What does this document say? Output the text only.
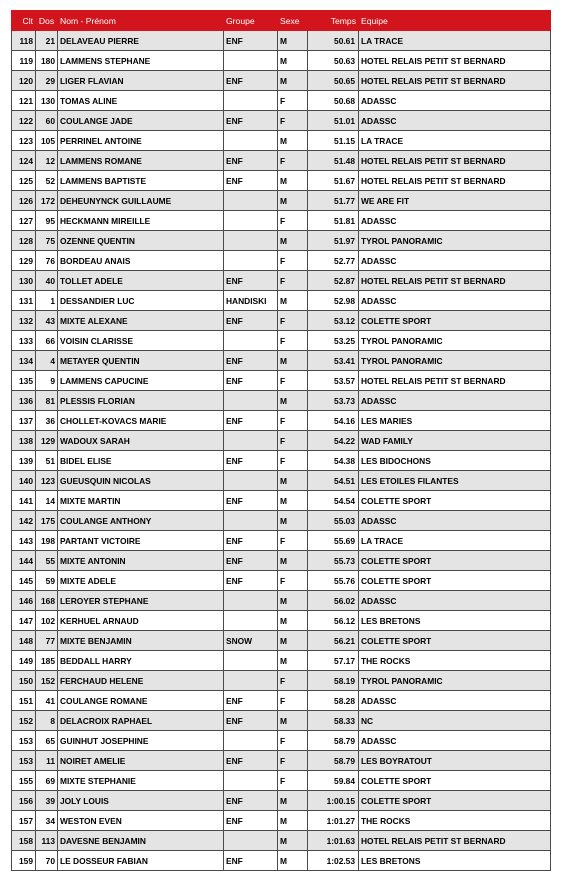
Clt	Dos	Nom - Prénom	Groupe	Sexe	Temps	Equipe
118	21	DELAVEAU PIERRE	ENF	M	50.61	LA TRACE
119	180	LAMMENS STEPHANE		M	50.63	HOTEL RELAIS PETIT ST BERNARD
120	29	LIGER FLAVIAN	ENF	M	50.65	HOTEL RELAIS PETIT ST BERNARD
121	130	TOMAS ALINE		F	50.68	ADASSC
122	60	COULANGE JADE	ENF	F	51.01	ADASSC
123	105	PERRINEL ANTOINE		M	51.15	LA TRACE
124	12	LAMMENS ROMANE	ENF	F	51.48	HOTEL RELAIS PETIT ST BERNARD
125	52	LAMMENS BAPTISTE	ENF	M	51.67	HOTEL RELAIS PETIT ST BERNARD
126	172	DEHEUNYNCK GUILLAUME		M	51.77	WE ARE FIT
127	95	HECKMANN MIREILLE		F	51.81	ADASSC
128	75	OZENNE QUENTIN		M	51.97	TYROL PANORAMIC
129	76	BORDEAU ANAIS		F	52.77	ADASSC
130	40	TOLLET ADELE	ENF	F	52.87	HOTEL RELAIS PETIT ST BERNARD
131	1	DESSANDIER LUC	HANDISKI	M	52.98	ADASSC
132	43	MIXTE ALEXANE	ENF	F	53.12	COLETTE SPORT
133	66	VOISIN CLARISSE		F	53.25	TYROL PANORAMIC
134	4	METAYER QUENTIN	ENF	M	53.41	TYROL PANORAMIC
135	9	LAMMENS CAPUCINE	ENF	F	53.57	HOTEL RELAIS PETIT ST BERNARD
136	81	PLESSIS FLORIAN		M	53.73	ADASSC
137	36	CHOLLET-KOVACS MARIE	ENF	F	54.16	LES MARIES
138	129	WADOUX SARAH		F	54.22	WAD FAMILY
139	51	BIDEL ELISE	ENF	F	54.38	LES BIDOCHONS
140	123	GUEUSQUIN NICOLAS		M	54.51	LES ETOILES FILANTES
141	14	MIXTE MARTIN	ENF	M	54.54	COLETTE SPORT
142	175	COULANGE ANTHONY		M	55.03	ADASSC
143	198	PARTANT VICTOIRE	ENF	F	55.69	LA TRACE
144	55	MIXTE ANTONIN	ENF	M	55.73	COLETTE SPORT
145	59	MIXTE ADELE	ENF	F	55.76	COLETTE SPORT
146	168	LEROYER STEPHANE		M	56.02	ADASSC
147	102	KERHUEL ARNAUD		M	56.12	LES BRETONS
148	77	MIXTE BENJAMIN	SNOW	M	56.21	COLETTE SPORT
149	185	BEDDALL HARRY		M	57.17	THE ROCKS
150	152	FERCHAUD HELENE		F	58.19	TYROL PANORAMIC
151	41	COULANGE ROMANE	ENF	F	58.28	ADASSC
152	8	DELACROIX RAPHAEL	ENF	M	58.33	NC
153	65	GUINHUT JOSEPHINE		F	58.79	ADASSC
153	11	NOIRET AMELIE	ENF	F	58.79	LES BOYRATOUT
155	69	MIXTE STEPHANIE		F	59.84	COLETTE SPORT
156	39	JOLY LOUIS	ENF	M	1:00.15	COLETTE SPORT
157	34	WESTON EVEN	ENF	M	1:01.27	THE ROCKS
158	113	DAVESNE BENJAMIN		M	1:01.63	HOTEL RELAIS PETIT ST BERNARD
159	70	LE DOSSEUR FABIAN	ENF	M	1:02.53	LES BRETONS
